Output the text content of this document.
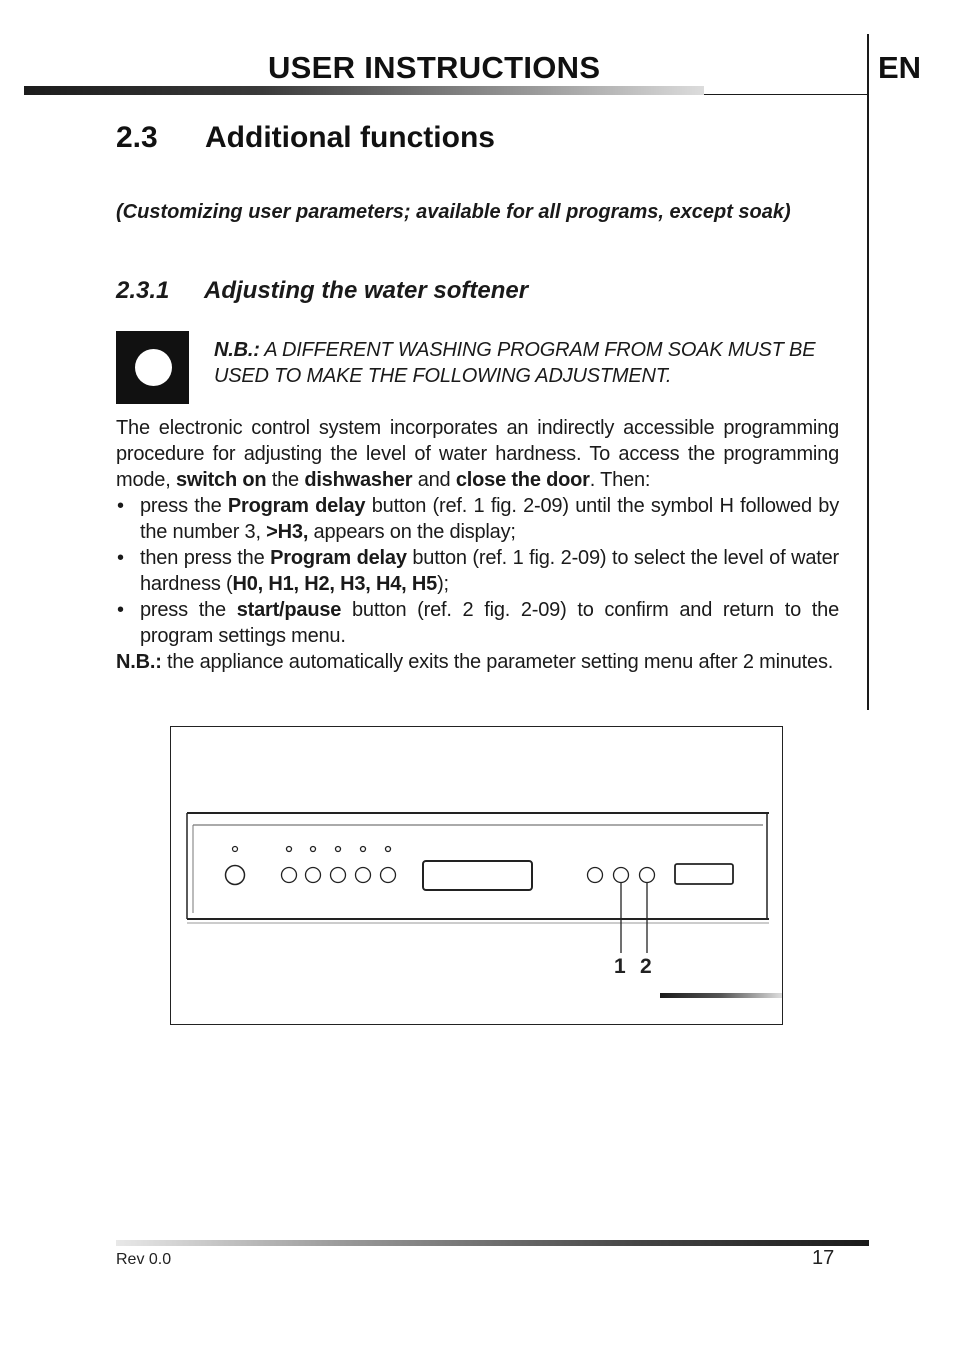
USER INSTRUCTIONS	EN
2.3 Additional functions
(Customizing user parameters; available for all programs, except soak)
2.3.1 Adjusting the water softener
N.B.: A DIFFERENT WASHING PROGRAM FROM SOAK MUST BE USED TO MAKE THE FOLLOWING ADJUSTMENT.

The electronic control system incorporates an indirectly accessible programming procedure for adjusting the level of water hardness. To access the programming mode, switch on the dishwasher and close the door. Then:

• press the Program delay button (ref. 1 fig. 2-09) until the symbol H followed by the number 3, >H3, appears on the display;

• then press the Program delay button (ref. 1 fig. 2-09) to select the level of water hardness (H0, H1, H2, H3, H4, H5);

• press the start/pause button (ref. 2 fig. 2-09) to confirm and return to the program settings menu.

N.B.: the appliance automatically exits the parameter setting menu after 2 minutes.

1 2
Rev 0.0	17
